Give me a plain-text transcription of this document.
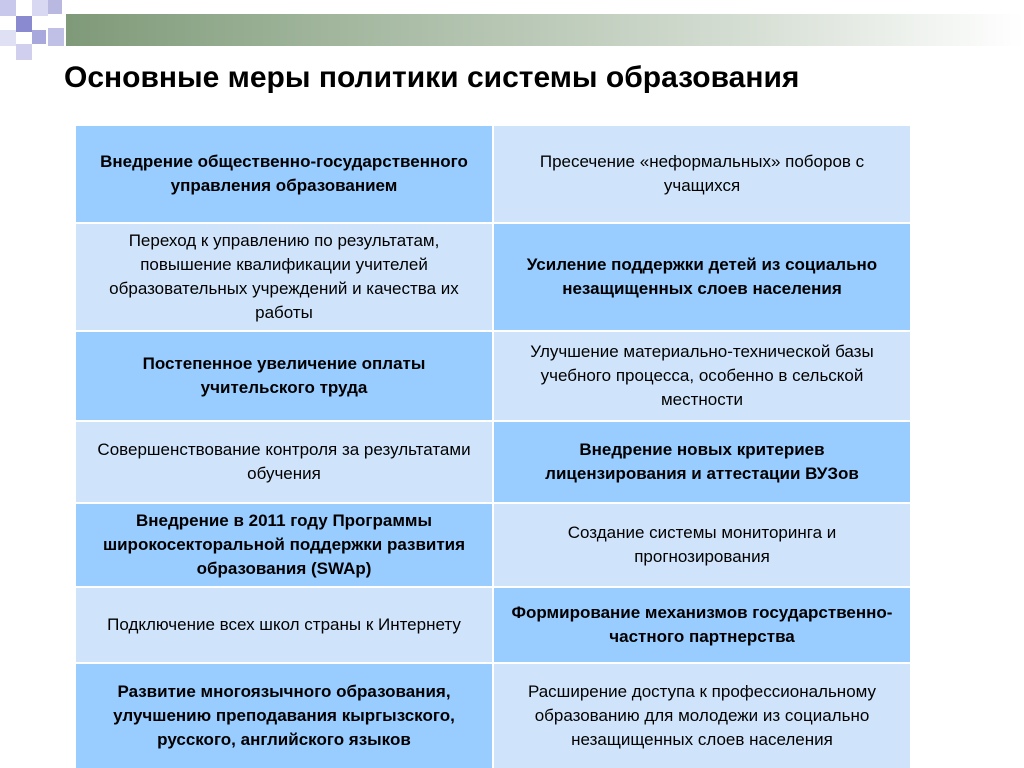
Основные меры политики системы образования
Внедрение общественно-государственного управления образованием
Пресечение «неформальных» поборов с учащихся
Переход к управлению по результатам, повышение квалификации учителей образовательных учреждений и качества их работы
Усиление поддержки детей из социально незащищенных слоев населения
Постепенное увеличение оплаты учительского труда
Улучшение материально-технической базы учебного процесса, особенно в сельской местности
Совершенствование контроля за результатами обучения
Внедрение новых критериев лицензирования и аттестации ВУЗов
Внедрение в 2011 году Программы широкосекторальной поддержки развития образования (SWAp)
Создание системы мониторинга и прогнозирования
Подключение всех школ страны к Интернету
Формирование механизмов государственно-частного партнерства
Развитие многоязычного образования, улучшению преподавания кыргызского, русского, английского языков
Расширение доступа к профессиональному образованию для молодежи из социально незащищенных слоев населения
